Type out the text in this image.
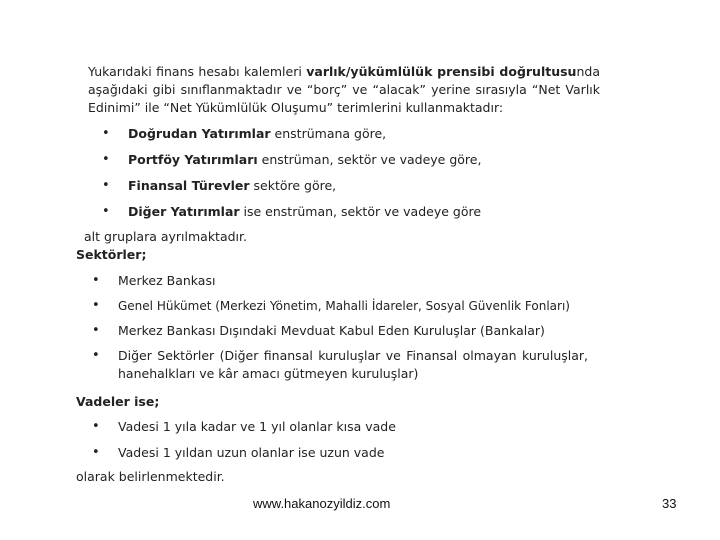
Yukarıdaki finans hesabı kalemleri varlık/yükümlülük prensibi doğrultusunda aşağıdaki gibi sınıflanmaktadır ve “borç” ve “alacak” yerine sırasıyla “Net Varlık Edinimi” ile “Net Yükümlülük Oluşumu” terimlerini kullanmaktadır:

• Doğrudan Yatırımlar enstrümana göre,
• Portföy Yatırımları enstrüman, sektör ve vadeye göre,
• Finansal Türevler sektöre göre,
• Diğer Yatırımlar ise enstrüman, sektör ve vadeye göre
alt gruplara ayrılmaktadır.
Sektörler;
• Merkez Bankası
• Genel Hükümet (Merkezi Yönetim, Mahalli İdareler, Sosyal Güvenlik Fonları)
• Merkez Bankası Dışındaki Mevduat Kabul Eden Kuruluşlar (Bankalar)
• Diğer Sektörler (Diğer finansal kuruluşlar ve Finansal olmayan kuruluşlar, hanehalkları ve kâr amacı gütmeyen kuruluşlar)
Vadeler ise;
• Vadesi 1 yıla kadar ve 1 yıl olanlar kısa vade
• Vadesi 1 yıldan uzun olanlar ise uzun vade
olarak belirlenmektedir.
www.hakanozyildiz.com	33
